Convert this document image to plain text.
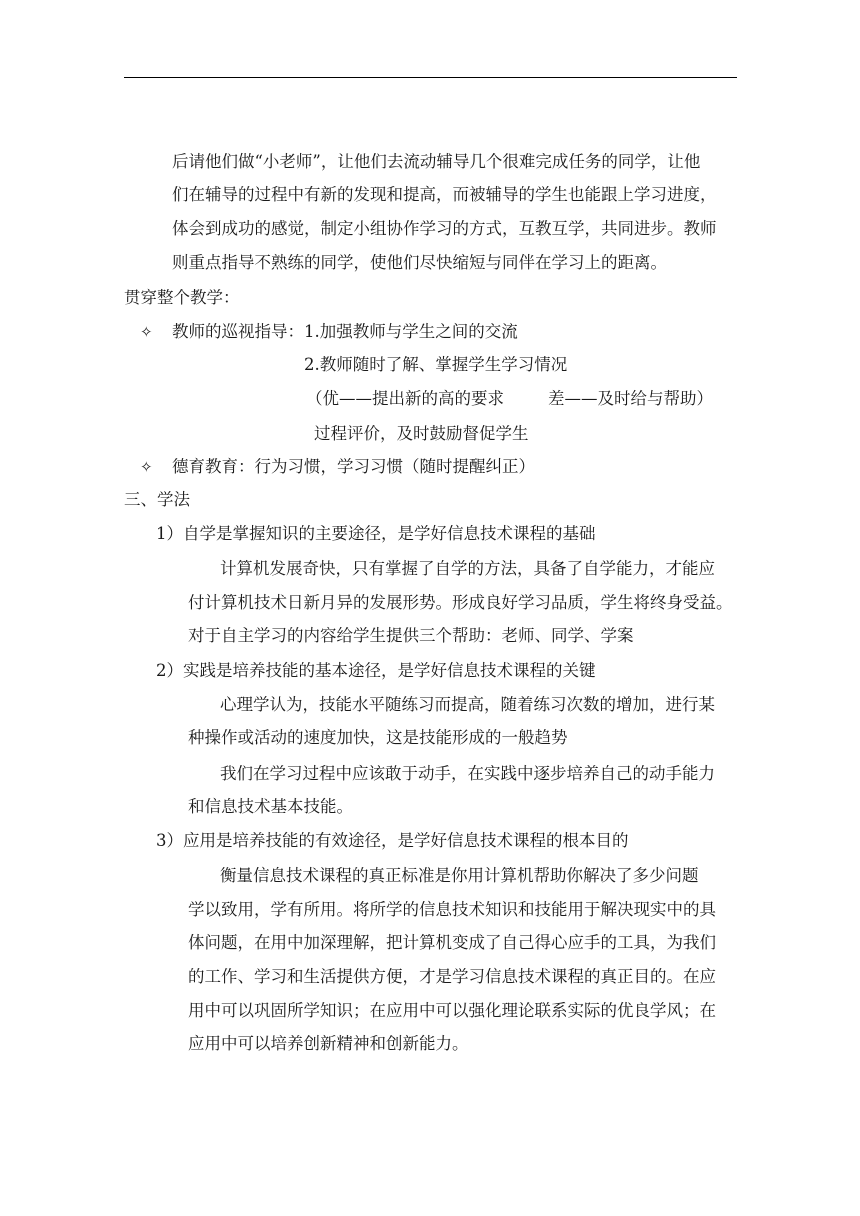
后请他们做“小老师”，让他们去流动辅导几个很难完成任务的同学，让他
们在辅导的过程中有新的发现和提高，而被辅导的学生也能跟上学习进度，
体会到成功的感觉，制定小组协作学习的方式，互教互学，共同进步。教师
则重点指导不熟练的同学，使他们尽快缩短与同伴在学习上的距离。
贯穿整个教学：
✧ 教师的巡视指导：1.加强教师与学生之间的交流
2.教师随时了解、掌握学生学习情况
（优——提出新的高的要求	差——及时给与帮助）
过程评价，及时鼓励督促学生
✧ 德育教育：行为习惯，学习习惯（随时提醒纠正）
三、学法
1）自学是掌握知识的主要途径，是学好信息技术课程的基础
计算机发展奇快，只有掌握了自学的方法，具备了自学能力，才能应
付计算机技术日新月异的发展形势。形成良好学习品质，学生将终身受益。
对于自主学习的内容给学生提供三个帮助：老师、同学、学案
2）实践是培养技能的基本途径，是学好信息技术课程的关键
心理学认为，技能水平随练习而提高，随着练习次数的增加，进行某
种操作或活动的速度加快，这是技能形成的一般趋势
我们在学习过程中应该敢于动手，在实践中逐步培养自己的动手能力
和信息技术基本技能。
3）应用是培养技能的有效途径，是学好信息技术课程的根本目的
衡量信息技术课程的真正标准是你用计算机帮助你解决了多少问题
学以致用，学有所用。将所学的信息技术知识和技能用于解决现实中的具
体问题，在用中加深理解，把计算机变成了自己得心应手的工具，为我们
的工作、学习和生活提供方便，才是学习信息技术课程的真正目的。在应
用中可以巩固所学知识；在应用中可以强化理论联系实际的优良学风；在
应用中可以培养创新精神和创新能力。
